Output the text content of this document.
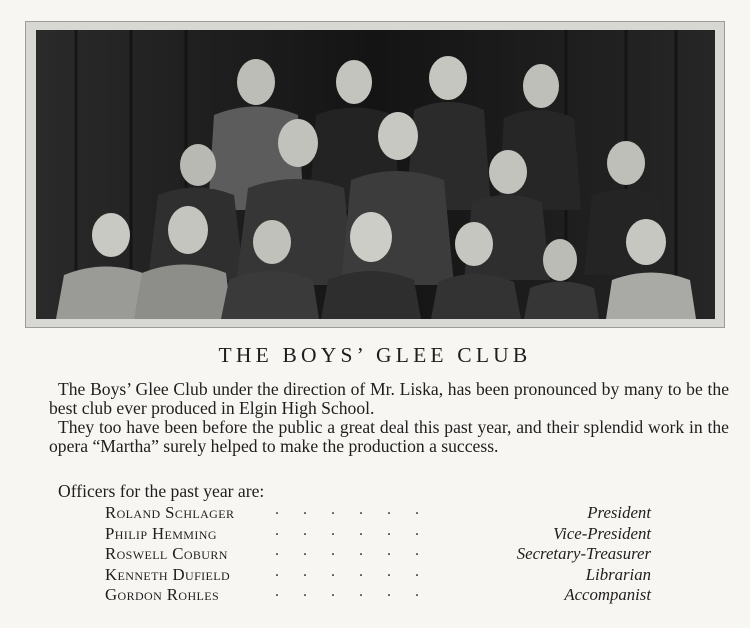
THE BOYS’ GLEE CLUB

The Boys’ Glee Club under the direction of Mr. Liska, has been pronounced by many to be the best club ever produced in Elgin High School.

They too have been before the public a great deal this past year, and their splendid work in the opera “Martha” surely helped to make the production a success.

Officers for the past year are:
Roland Schlager	......	President
Philip Hemming	......	Vice-President
Roswell Coburn	......	Secretary-Treasurer
Kenneth Dufield	......	Librarian
Gordon Rohles	......	Accompanist
